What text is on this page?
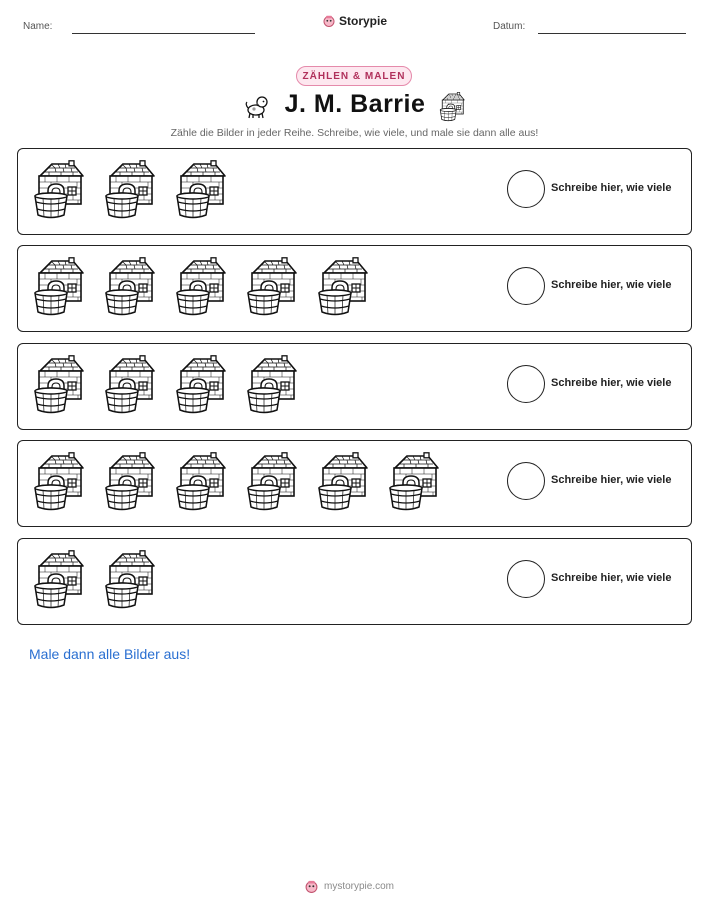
Name:	Storypie	Datum:
ZÄHLEN & MALEN
J. M. Barrie
Zähle die Bilder in jeder Reihe. Schreibe, wie viele, und male sie dann alle aus!
Schreibe hier, wie viele
Schreibe hier, wie viele
Schreibe hier, wie viele
Schreibe hier, wie viele
Schreibe hier, wie viele
Male dann alle Bilder aus!
mystorypie.com
